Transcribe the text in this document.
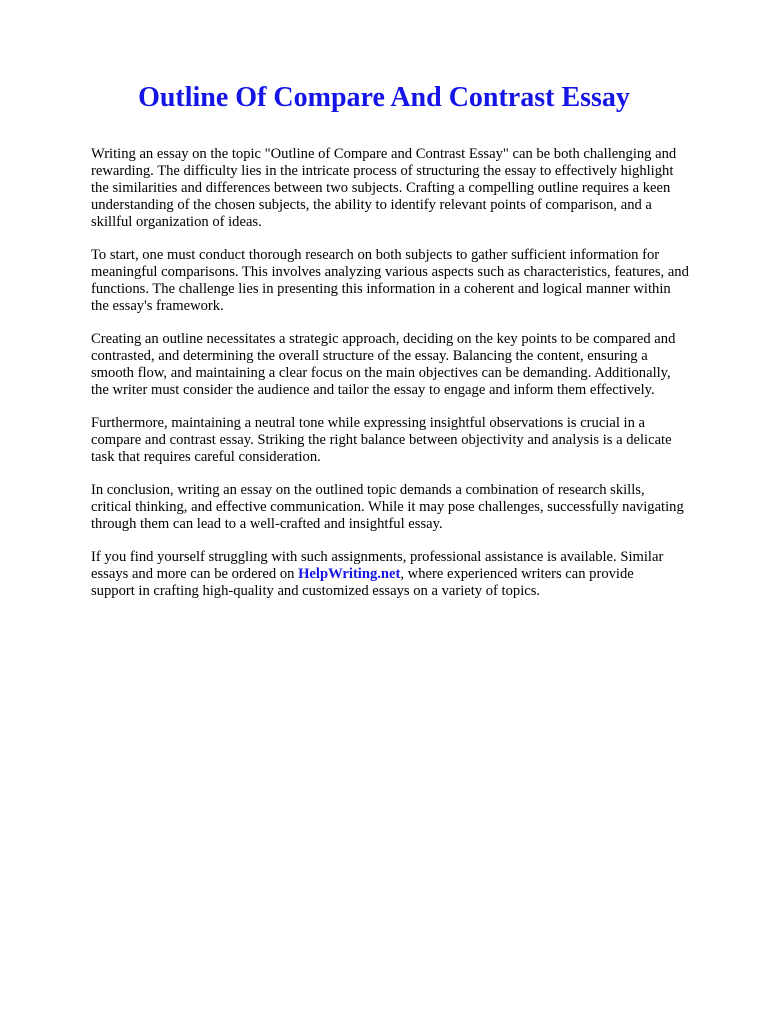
Outline Of Compare And Contrast Essay

Writing an essay on the topic "Outline of Compare and Contrast Essay" can be both challenging and
rewarding. The difficulty lies in the intricate process of structuring the essay to effectively highlight
the similarities and differences between two subjects. Crafting a compelling outline requires a keen
understanding of the chosen subjects, the ability to identify relevant points of comparison, and a
skillful organization of ideas.

To start, one must conduct thorough research on both subjects to gather sufficient information for
meaningful comparisons. This involves analyzing various aspects such as characteristics, features, and
functions. The challenge lies in presenting this information in a coherent and logical manner within
the essay's framework.

Creating an outline necessitates a strategic approach, deciding on the key points to be compared and
contrasted, and determining the overall structure of the essay. Balancing the content, ensuring a
smooth flow, and maintaining a clear focus on the main objectives can be demanding. Additionally,
the writer must consider the audience and tailor the essay to engage and inform them effectively.

Furthermore, maintaining a neutral tone while expressing insightful observations is crucial in a
compare and contrast essay. Striking the right balance between objectivity and analysis is a delicate
task that requires careful consideration.

In conclusion, writing an essay on the outlined topic demands a combination of research skills,
critical thinking, and effective communication. While it may pose challenges, successfully navigating
through them can lead to a well-crafted and insightful essay.

If you find yourself struggling with such assignments, professional assistance is available. Similar
essays and more can be ordered on HelpWriting.net, where experienced writers can provide
support in crafting high-quality and customized essays on a variety of topics.
